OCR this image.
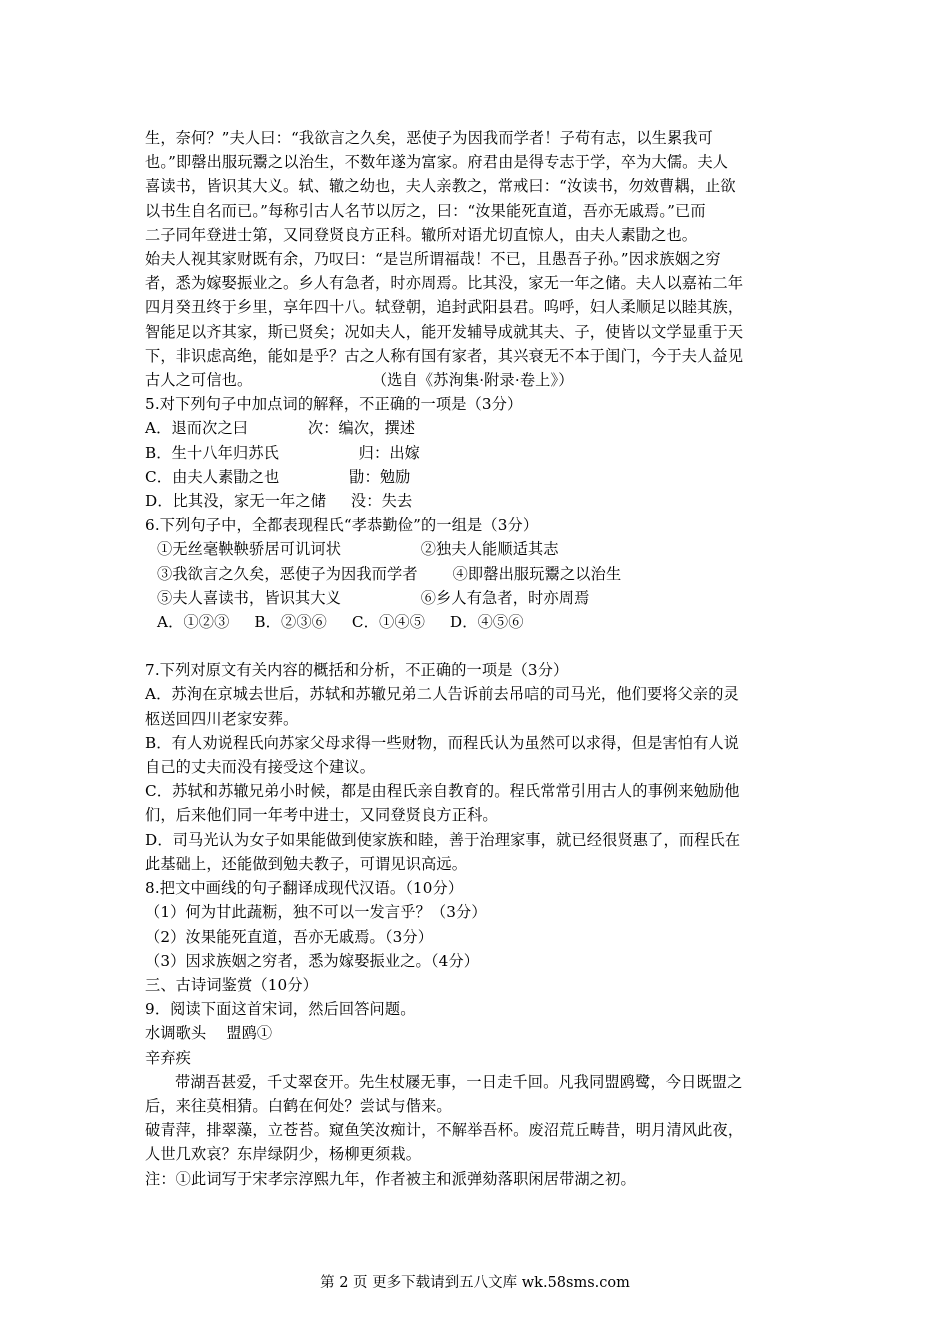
生，奈何？”夫人曰：“我欲言之久矣，恶使子为因我而学者！子苟有志，以生累我可
也。”即罄出服玩鬻之以治生，不数年遂为富家。府君由是得专志于学，卒为大儒。夫人
喜读书，皆识其大义。轼、辙之幼也，夫人亲教之，常戒曰：“汝读书，勿效曹耦，止欲
以书生自名而已。”每称引古人名节以厉之，曰：“汝果能死直道，吾亦无戚焉。”已而
二子同年登进士第，又同登贤良方正科。辙所对语尤切直惊人，由夫人素勖之也。
始夫人视其家财既有余，乃叹曰：“是岂所谓福哉！不已，且愚吾子孙。”因求族姻之穷
者，悉为嫁娶振业之。乡人有急者，时亦周焉。比其没，家无一年之储。夫人以嘉祐二年
四月癸丑终于乡里，享年四十八。轼登朝，追封武阳县君。呜呼，妇人柔顺足以睦其族，
智能足以齐其家，斯已贤矣；况如夫人，能开发辅导成就其夫、子，使皆以文学显重于天
下，非识虑高绝，能如是乎？古之人称有国有家者，其兴衰无不本于闺门，今于夫人益见
古人之可信也。                        （选自《苏洵集·附录·卷上》）
5.对下列句子中加点词的解释，不正确的一项是（3分）
A．退而次之曰            次：编次，撰述
B．生十八年归苏氏                归：出嫁
C．由夫人素勖之也              勖：勉励
D．比其没，家无一年之储     没：失去
6.下列句子中，全都表现程氏“孝恭勤俭”的一组是（3分）
①无丝毫鞅鞅骄居可讥诃状                ②独夫人能顺适其志
③我欲言之久矣，恶使子为因我而学者       ④即罄出服玩鬻之以治生
⑤夫人喜读书，皆识其大义                ⑥乡人有急者，时亦周焉
A．①②③     B．②③⑥     C．①④⑤     D．④⑤⑥
7.下列对原文有关内容的概括和分析，不正确的一项是（3分）
A．苏洵在京城去世后，苏轼和苏辙兄弟二人告诉前去吊唁的司马光，他们要将父亲的灵
柩送回四川老家安葬。
B．有人劝说程氏向苏家父母求得一些财物，而程氏认为虽然可以求得，但是害怕有人说
自己的丈夫而没有接受这个建议。
C．苏轼和苏辙兄弟小时候，都是由程氏亲自教育的。程氏常常引用古人的事例来勉励他
们，后来他们同一年考中进士，又同登贤良方正科。
D．司马光认为女子如果能做到使家族和睦，善于治理家事，就已经很贤惠了，而程氏在
此基础上，还能做到勉夫教子，可谓见识高远。
8.把文中画线的句子翻译成现代汉语。（10分）
（1）何为甘此蔬粝，独不可以一发言乎？（3分）
（2）汝果能死直道，吾亦无戚焉。（3分）
（3）因求族姻之穷者，悉为嫁娶振业之。（4分）
三、古诗词鉴赏（10分）
9．阅读下面这首宋词，然后回答问题。
水调歌头    盟鸥①
辛弃疾
带湖吾甚爱，千丈翠奁开。先生杖屦无事，一日走千回。凡我同盟鸥鹭，今日既盟之
后，来往莫相猜。白鹤在何处？尝试与偕来。
破青萍，排翠藻，立苍苔。窥鱼笑汝痴计，不解举吾杯。废沼荒丘畴昔，明月清风此夜，
人世几欢哀？东岸绿阴少，杨柳更须栽。
注：①此词写于宋孝宗淳熙九年，作者被主和派弹劾落职闲居带湖之初。
第 2 页 更多下载请到五八文库 wk.58sms.com
